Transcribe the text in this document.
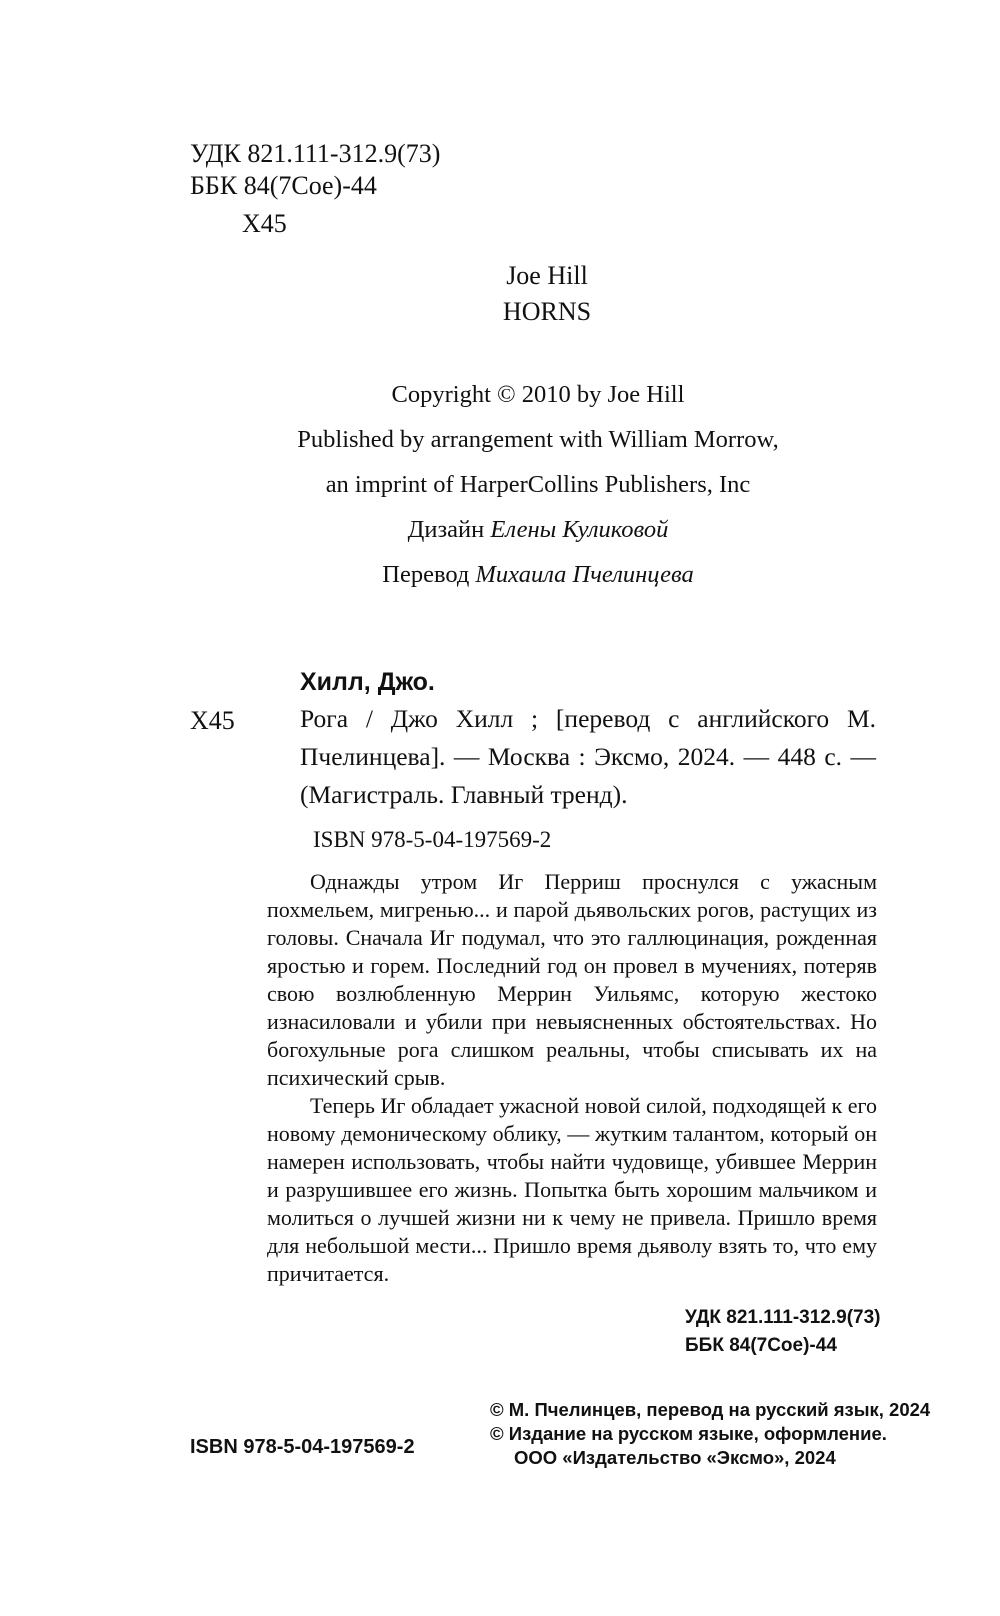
УДК 821.111-312.9(73)
ББК 84(7Сое)-44
Х45
Joe Hill
HORNS
Copyright © 2010 by Joe Hill
Published by arrangement with William Morrow,
an imprint of HarperCollins Publishers, Inc
Дизайн Елены Куликовой
Перевод Михаила Пчелинцева
Хилл, Джо.
Х45	Рога / Джо Хилл ; [перевод с английского М. Пчелинцева]. — Москва : Эксмо, 2024. — 448 с. — (Магистраль. Главный тренд).
ISBN 978-5-04-197569-2

Однажды утром Иг Перриш проснулся с ужасным похмельем, мигренью... и парой дьявольских рогов, растущих из головы. Сначала Иг подумал, что это галлюцинация, рожденная яростью и горем. Последний год он провел в мучениях, потеряв свою возлюбленную Меррин Уильямс, которую жестоко изнасиловали и убили при невыясненных обстоятельствах. Но богохульные рога слишком реальны, чтобы списывать их на психический срыв.

Теперь Иг обладает ужасной новой силой, подходящей к его новому демоническому облику, — жутким талантом, который он намерен использовать, чтобы найти чудовище, убившее Меррин и разрушившее его жизнь. Попытка быть хорошим мальчиком и молиться о лучшей жизни ни к чему не привела. Пришло время для небольшой мести... Пришло время дьяволу взять то, что ему причитается.

УДК 821.111-312.9(73)
ББК 84(7Сое)-44
© М. Пчелинцев, перевод на русский язык, 2024
© Издание на русском языке, оформление.
ООО «Издательство «Эксмо», 2024
ISBN 978-5-04-197569-2
